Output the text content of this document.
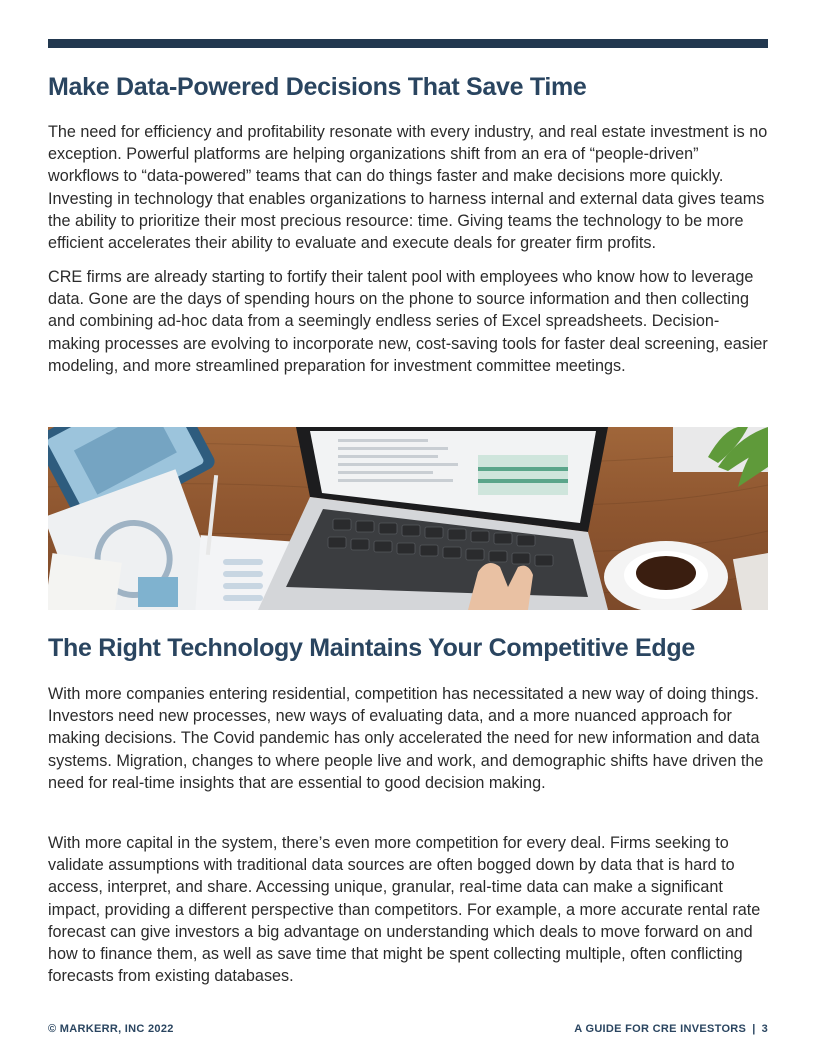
Make Data-Powered Decisions That Save Time

The need for efficiency and profitability resonate with every industry, and real estate investment is no exception. Powerful platforms are helping organizations shift from an era of “people-driven” workflows to “data-powered” teams that can do things faster and make decisions more quickly. Investing in technology that enables organizations to harness internal and external data gives teams the ability to prioritize their most precious resource: time. Giving teams the technology to be more efficient accelerates their ability to evaluate and execute deals for greater firm profits.

CRE firms are already starting to fortify their talent pool with employees who know how to leverage data. Gone are the days of spending hours on the phone to source information and then collecting and combining ad-hoc data from a seemingly endless series of Excel spreadsheets. Decision-making processes are evolving to incorporate new, cost-saving tools for faster deal screening, easier modeling, and more streamlined preparation for investment committee meetings.

The Right Technology Maintains Your Competitive Edge

With more companies entering residential, competition has necessitated a new way of doing things. Investors need new processes, new ways of evaluating data, and a more nuanced approach for making decisions. The Covid pandemic has only accelerated the need for new information and data systems. Migration, changes to where people live and work, and demographic shifts have driven the need for real-time insights that are essential to good decision making.

With more capital in the system, there’s even more competition for every deal. Firms seeking to validate assumptions with traditional data sources are often bogged down by data that is hard to access, interpret, and share. Accessing unique, granular, real-time data can make a significant impact, providing a different perspective than competitors. For example, a more accurate rental rate forecast can give investors a big advantage on understanding which deals to move forward on and how to finance them, as well as save time that might be spent collecting multiple, often conflicting forecasts from existing databases.

© MARKERR, INC 2022	A GUIDE FOR CRE INVESTORS | 3
